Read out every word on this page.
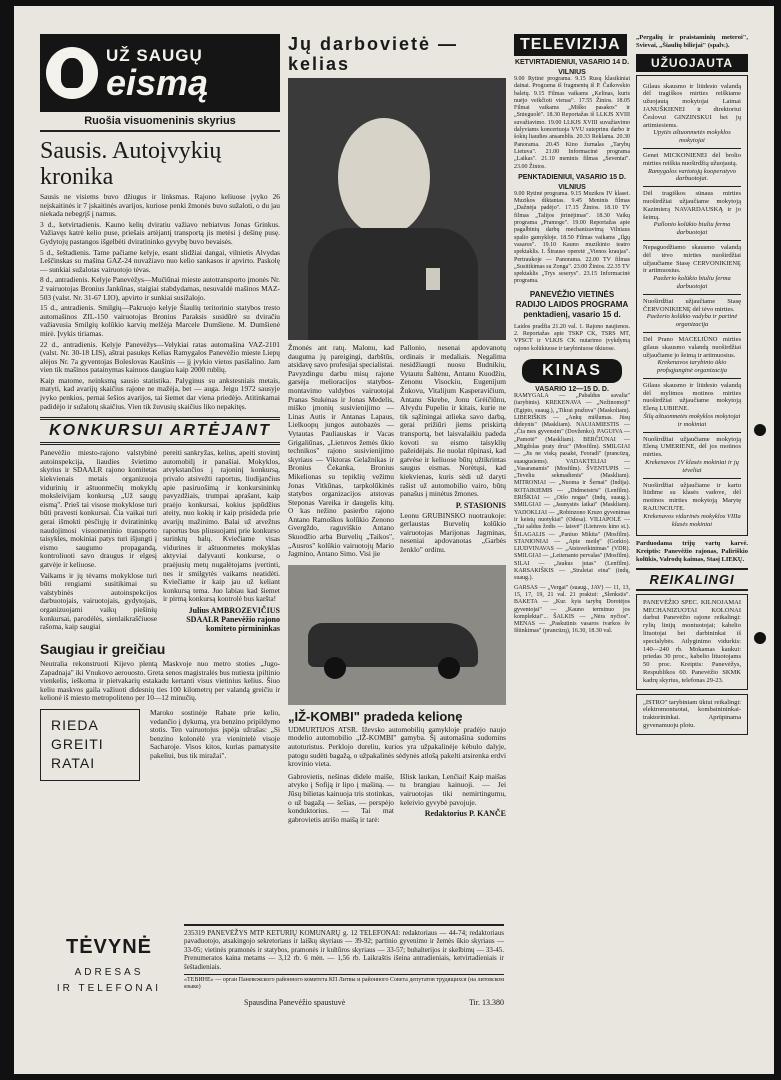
UŽ SAUGŲ
eismą
Ruošia visuomeninis skyrius
Sausis. Autoįvykių kronika

Sausis ne visiems buvo džiugus ir linksmas. Rajono keliuose įvyko 26 neįskaitinės ir 7 įskaitinės avarijos, kuriose penki žmonės buvo sužaloti, o du jau niekada nebegrįš į namus.

3 d., ketvirtadienis. Kauno kelių dviratiu važiavo nebiatvus Jonas Grinkus. Važiavęs katrė kelio puse, priešais artėjantį transportą jis metėsi į dešinę pusę. Gydytojų pastangos išgelbėti dviratininko gyvybę buvo bevaisės.

5 d., šeštadienis. Tame pačiame kelyje, esant slidžiai dangai, vilnietis Alvydas Leščinskas su mašina GAZ-24 nuvažiavo nuo kelio sankasos ir apvirto. Paskolę — sunkiai sužalotas vairuotojo tėvas.

8 d., antradienis. Kelyje Panevėžys—Mučiūnai mieste autotransporto įmonės Nr. 2 vairuotojas Bronius Jankūnas, staigiai stabdydamas, nesuvaldė mašinos MAZ-503 (valst. Nr. 31-67 LIO), apvirto ir sunkiai susižalojo.

15 d., antradienis. Smilgių—Pakruojo kelyje Šiaulių teritorinio statybos tresto automašinos ZIL-150 vairuotojas Bronius Paraksis susidūrė su dviračiu važiavusia Smilgių kolūkio karvių melžėja Marcele Dumšiene. M. Dumšienė mirė. Įvykis tiriamas.

22 d., antradienis. Kelyje Panevėžys—Velykiai ratas automašina VAZ-2101 (valst. Nr. 30-18 LIS), aštrai pasukęs Kelias Ramygalos Panevėžio mieste Liepų alėjos Nr. 7a gyventojas Boleslovas Kaušinis — jį įvykio vietos pasišalino. Jam vien tik mašinos patainymas kainuos daugiau kaip 2000 rublių.

Kaip matome, neinksmą sausio statistika. Palyginus su ankstesniais metais, matyti, kad avarijų skaičius rajone ne mažėja, bet — auga. Jeigu 1972 sausyje įvyko penkios, pernai šešios avarijos, tai šiemet dar viena priedėjo. Atitinkamai padidėjo ir sužalotų skaičius. Vien tik žuvusių skaičius liko nepakitęs.

KONKURSUI ARTĖJANT

Panevėžio miesto-rajono valstybinė autoinspekcija, liaudies švietimo skyrius ir SDAALR rajono komitetas kiekvienais metais organizuoja vidurinių ir aštuonmečių mokyklų moksleivijam konkursą „Už saugų eismą". Prieš tai visose mokyklose turi būti pravesti konkursai. Čia vaikai turi gerai išmokti pėsčiųjų ir dviratininkų naudojimosi visuomeninio transporto taisykles, mokiniai patys turi išjungti į eismo saugumo propagandą, kontroliuoti savo draugus ir elgesį gatvėje ir keliuose.

Vaikams ir jų tėvams mokyklose turi būti rengiami susitikimai su valstybinės autoinspekcijos darbuotojais, vairuotojais, gydytojais, organizuojami vaikų piešinių konkursai, parodėlės, sienlaikraščiuose rašoma, kaip saugiai

pereiti sankryžas, kelius, apeiti stovintį automobilį ir panašiai. Mokyklos, atvykstančios į rajoninį konkursą, privalo atsivežti raportus, liudijančius apie pasiruošimą ir konkursininkų pavyzdžiais, trumpai aprašant, kaip praėjo konkursai, kokius įspūdžius ateity, nuo kokių ir kaip prisideda prie avarijų mažinimo. Balai už atvežtus raportus bus pliusuojami prie konkurso surinktų balų. Kviečiame visas vidurines ir aštuonmetes mokyklas aktyviai dalyvauti konkurse, o praėjusių metų nugalėtojams įvertinti, nes ir smilgytės vaikams neatidėti. Kviečiame ir kaip jau už keliant konkursą tema. Juo labiau kad šiemet ir pirmą konkursą kontrolė bus karšta!

Julius AMBROZEVIČIUS SDAALR Panevėžio rajono komiteto pirmininkas

Saugiau ir greičiau

Neutralia rekonstruoti Kijevo plentą Maskvoje nuo metro stoties „Jugo-Zapadnaja" iki Vnukovo aerouosto. Greta senos magistralės bus nutiesta įpiltinio vienkelis, ieškoma ir pietvakarių estakadu kertanti visus vietinius kelius. Šiuo keliu maskvos gaila važiuoti didesnių ties 100 kilometrų per valandą greičiu ir kelionė iš miesto metropoliteno per 10—12 minučių.

RIEDA
GREITI
RATAI

Maroko sostinėje Rabate prie kelio, vedančio į dykumą, yra benzino pripildymo stotis. Ten vairuotojus įspėja užrašas: „Si benzino kolonėlė yra vienintelė visoje Sacharoje. Visos kitos, kurias pamatysite pakeliui, bus tik miražai".

Jų darbovietė — kelias

Žmonės ant ratų. Malonu, kad dauguma jų pareigingi, darbštūs, atsidavę savo profesijai specialistai. Pavyzdingu darbu misų rajone garsėja melioracijos statybos-montavimo valdybos vairuotojai Pranas Stukėnas ir Jonas Medelis, miško įmonių susivienijimo — Linas Autis ir Antanas Lapaus, Lielkoopų jungos autobazės — Vytautas Pauliauskas ir Vacas Grigaliūnas, „Lietuvos žemės ūkio technikos" rajono susivienijimo skyriaus — Viktoras Gelažnikas ir Bronius Čekanka, Bronius Mikelionas su tepiklių vežimu Jonas Vitkūnas, tarpkolūkinės statybos organizacijos atstovas Steponas Vareika ir daugelis kitų. O kas nežino pasierbo rajono Antano Ramoškos kolūkio Zenono Gvergždo, raguviškio Antano Skuodžio arba Burvelių „Taikos", „Ausros" kolūkio vairuotojų Mario Jagmino, Antano Simo. Visi jie

Pallonio, nesenai apdovanotų ordinais ir medaliais. Negalima nesidžiaugti nuosu Budnikiu, Vytautu Šaltėnu, Antanu Kuodžiu, Zenonu Visockiu, Eugenijum Žukovu, Vitalijum Kasperavičium, Antanu Skrebe, Jonu Grėičiūnu, Alvydu Pupeliu ir kitais, kurie ne tik sąžiningai atlieka savo darbą, gerai prižiūri jiems priskirtą transportą, bet laisvalaikiu padeda kovoti su eismo taisyklių pažeidėjais. Jie nuolat rūpinasi, kad gatvėse ir keliuose būtų užtikrintas saugus eismas. Norėtųsi, kad kiekvienas, kuris sėdi už daryti rašist už automobilio vairo, būtų panašus į minėtus žmones.

P. STASIONIS

Leonu GRUBINSKO nuotraukoje: gerlaustas Burvelių kolūkio vairuotojas Marijonas Jagminas, neseniai apdovanotas „Garbės ženklo" ordinu.

„IŽ-KOMBI" pradeda kelionę

UDMURTIJOS ATSR. Iževsko automobilių gamykloje pradėjo naujo modelio automobilio „IŽ-KOMBI" gamyba. Šį automašina sudomins autoturistus. Perklojo dureliu, kurios yra užpakalinėje kėbulo dalyje, patogu sudėti bagažą, o užpakalinės sėdynės atlošą pakelti atsirenka erdvi krovinio vieta.

Gabrovietis, nešinas didele maiše, atvyko į Sofiją ir lipo į mašiną. — Jūsų bilietas kainuoja tris stotinkas, o už bagažą — šešias, — perspėjo konduktorius. — Tai mat gabrovietis atrišo maišą ir tarė:

Išlisk laukan, Lenčiai! Kaip maišas tu brangiau kainuoji. — Jei vairuotojas tiki nemirtingumu, keleivio gyvybė pavojuje.

Redaktorius P. KANČE

TELEVIZIJA
KETVIRTADIENIUI, VASARIO 14 D.
VILNIUS

9.00 Rytinė programa. 9.15 Rusų klasikiniai dainai. Programa iš fragmentų iš P. Čaikovskio baletų. 9.15 Filmas vaikams „Kelinas, kuris nuėjo veikčioti vienas". 17.55 Žinios. 18.05 Filmai vaikams „Miško pasakos" ir „Snieguolė". 18.30 Reportažas iš LLKJS XVIII suvažiavimo. 19.00 LLKJS XVIII suvažiavimo dalyviams koncertuoja VVU suteprinu darbo ir šokių liaudies ansamblis. 20.33 Reklama. 20.30 Panorama. 20.45 Kino žurnalas „Tarybų Lietuva". 21.00 Informacinė programa „Laikas". 21.10 meninis filmas „Seventai". 23.00 Žinios.

PENKTADIENIUI, VASARIO 15 D.
VILNIUS

9.00 Rytinė programa. 9.15 Muzikos IV klasei. Muzikos diktantas. 9.45 Meninis filmas „Dažnėja padėjo". 17.15 Žinios. 18.10 TV filmas „Talijos jirinėjimas". 18.30 Vaikų programa „Pramoge". 19.00 Reportažas apie pagalbinių darbų mechanizavimą Vilniaus spalio gamykloje. 18.50 Filmas vaikams „Ilgų vasaros". 19.10 Kauno muzikinio teatro spektaklis. I. Štrauso operetė „Vienos kraujas". Pertraukoje — Panorama. 22.00 TV filmas „Susitikimas su Zonga". 23.00 Žinios. 22.35 TV spektaklis „Trys seserys". 23.15 Informacinė programa.

PANEVĖŽIO VIETINĖS RADIJO LAIDOS PROGRAMA penktadienį, vasario 15 d.

Laidos pradžia 21.20 val. 1. Rajono naujienos. 2. Reportažas apie TSKP CK, TSRS MT, VPSCT ir VLKJS CK nutarimo įvykdymą rajono kolūkiuose ir tarybiniuose ūkiuose.

KINAS
VASARIO 12—15 D. D.

RAMYGALA — „Pabaldus savalia" (tarybinis). KREKENAVA — „Nežinomoji" (Egipto, suaug.), „Tikrai pražuva" (Maskoliam). LIBERIŠKIS — „Ankų mišlumas. Jūsų dideynis" (Maskliam). NAUJAMIESTIS — „Čia mes gyvensim" (Dovženko). PAGUIVA — „Pamotė" (Maskliam). BERČIŪNAI — „Migdolas praty druc" (Mosfilm). SMILGIAI — „Jis ne viską pasakė, Feoradi" (prancūzų, suaugusiems). VADAKTELIAI — „Vasaranamis" (Mosfilm). ŠVENTUPIS — „Teveliu sekmadienis" (Maskliam). MITRONIAI — „Nuoma ir Šernai" (Indija). ROTAIKIEMIS — „Didmeistris" (Lenfilm). ERIŠKIAI — „Oišo nogas" (Indų, suaug.). SMILGIAI — „Jaunystės laikai" (Maskliam). YADOKLIAI — „Robinzono Kruzo gyvenimas ir keistų nuotykiai" (Odesa). VILIAPOLĖ — „Tai saldus žodis — laisvė" (Lietuvos kino st.). ŠILAGALIS — „Paniuo Mikita" (Mosfilm). STANIONIAI — „Apie meilę" (Gorkio). LIUDVINAVAS — „Atsisveikinimas" (VDR). SMILGIAI — „Leitenanto pervalas" (Mosfilm). SILAI — „Jaukus jutas" (Lenfilm). KARSAKIŠKIS — „Straleiai eina" (indų, suaug.).

GARSAS — „Vergai" (suaug., JAV) — 11, 13, 15, 17, 19, 21 val. 21 praktui: „Slenkstis". BAKETA — „Kur. kyis tarybų Dorotėjos gyventojai" — „Kauno terminuo jos komplektai"... ŠALKIS — „Nėra nyčios". MENAS — „Paskutinis vasaros tvarkos šv Ištinkimas" (prancūzų), 16.30, 18.30 val.

„Pergalių ir praistaminių meteroi", Svievai, „Šiaulių biliejai" (spalv.).

UŽUOJAUTA

Gilaus skausmo ir liūdesio valandą dėl tragiškos mirties reiškiame užuojautą mokytojai Laimai JANUŠKIENEI ir direktoriui Česlovui GINZINSKUI bei jų artimiesiems.

Upytės aštuonmetės mokyklos mokytojai

Genei MICKONIENEI dėl brolio mirties reiškia nuoširdžią užuojautą.

Ramygalos vartotojų kooperatyvo darbuotojai.

Dėl tragiškos sūnaus mirties nuoširdžiai užjaučiame mokytoją Kazimierą NAVARDAUSKĄ ir jo šeimą.

Pallonio kolūkio biuliu ferma darbuotojai

Nepaguodžiamo skausmo valandą dėl tėvo mirties nuoširdžiai užjaučiame Stasę CERVONIKIENĘ ir artimuosius.

Paežerio kolūkio biuliu ferma darbuotojai

Nuoširdžiai užjaučiame Stasę ČERVONIKIENĘ dėl tėvo mirties.

Paežerio kolūkio vadyba ir partinė organizacija

Dėl Prano MACELIŪNO mirties gilaus skausmo valandą nuoširdžiai užjaučiame jo šeimą ir artimuosius.

Krekenavos tarybinio ūkio profsąjunginė organizacija

Gilaus skausmo ir liūdesio valandą dėl mylimos motinos mirties nuoširdžiai užjaučiame mokytoją Eleną LUBIENE.

Šilų aštuonmetės mokyklos mokytojai ir mokiniai

Nuoširdžiai užjaučiame mokytoją Eleną UMERIENE, dėl jos motinos mirties.

Krekenavos 1V klasės mokiniai ir jų tėveliai

Nuoširdžiai užjaučiame ir kartu liūdime su klasės vadove, dėl motinos mirties mokytoją Marytę RAJUNCIUTE.

Krekenavos vidurinės mokyklos VIIIa klasės mokiniai

Parduodama trijų vartų karvė. Kreiptis: Panevėžio rajonas, Paliriškio kolūkis, Valrodų kaimas, Stasį LIEKŲ.

REIKALINGI

PANEVĖŽIO SPEC. KILNOJAMAI MECHANIZUOTAI KOLONAI darbui Panevėžio rajone reikalingi: rylių linijų montuotojai; kabelio lituotojai bei darbininkai iš specialybės. Atlyginimo vidurkis: 140—240 rb. Mokamas kaukui: priedas 30 proc., kabelio lituotojams 50 proc. Kreiptis: Panevėžys, Respublikos 60. Panevėžio SKMK kadrų skyrius, telefonas 29-23.

„ISTRO" tarybiniam ūkiui reikalingi: elektromontuotai, kombainininkai-traktorininkai. Aprūpinama gyvenamuoju plotu.

TĖVYNĖ
ADRESAS
IR TELEFONAI
235319 PANEVĖŽYS MTP KETURIŲ KOMUNARŲ g. 12 TELEFONAI: redaktoriaus — 44-74; redaktoriaus pavaduotojo, atsakingojo sekretoriaus ir laiškų skyriaus — 39-92; partinio gyvenimo ir žemės ūkio skyriaus — 33-05; vietinės pramonės ir statybos, pramonės ir kultūros skyriaus — 33-57; buhalterijos ir skelbimų — 33-45. Prenumeratos kaina metams — 3,12 rb. 6 mėn. — 1,56 rb. Laikraštis išeina antradieniais, ketvirtadieniais ir šeštadieniais.
«ТЕВИНЕ» — орган Паневежского районного комитета КП Литвы и районного Совета депутатов трудящихся (на литовском языке)
Spausdina Panevėžio spaustuvė	Tir. 13.380
